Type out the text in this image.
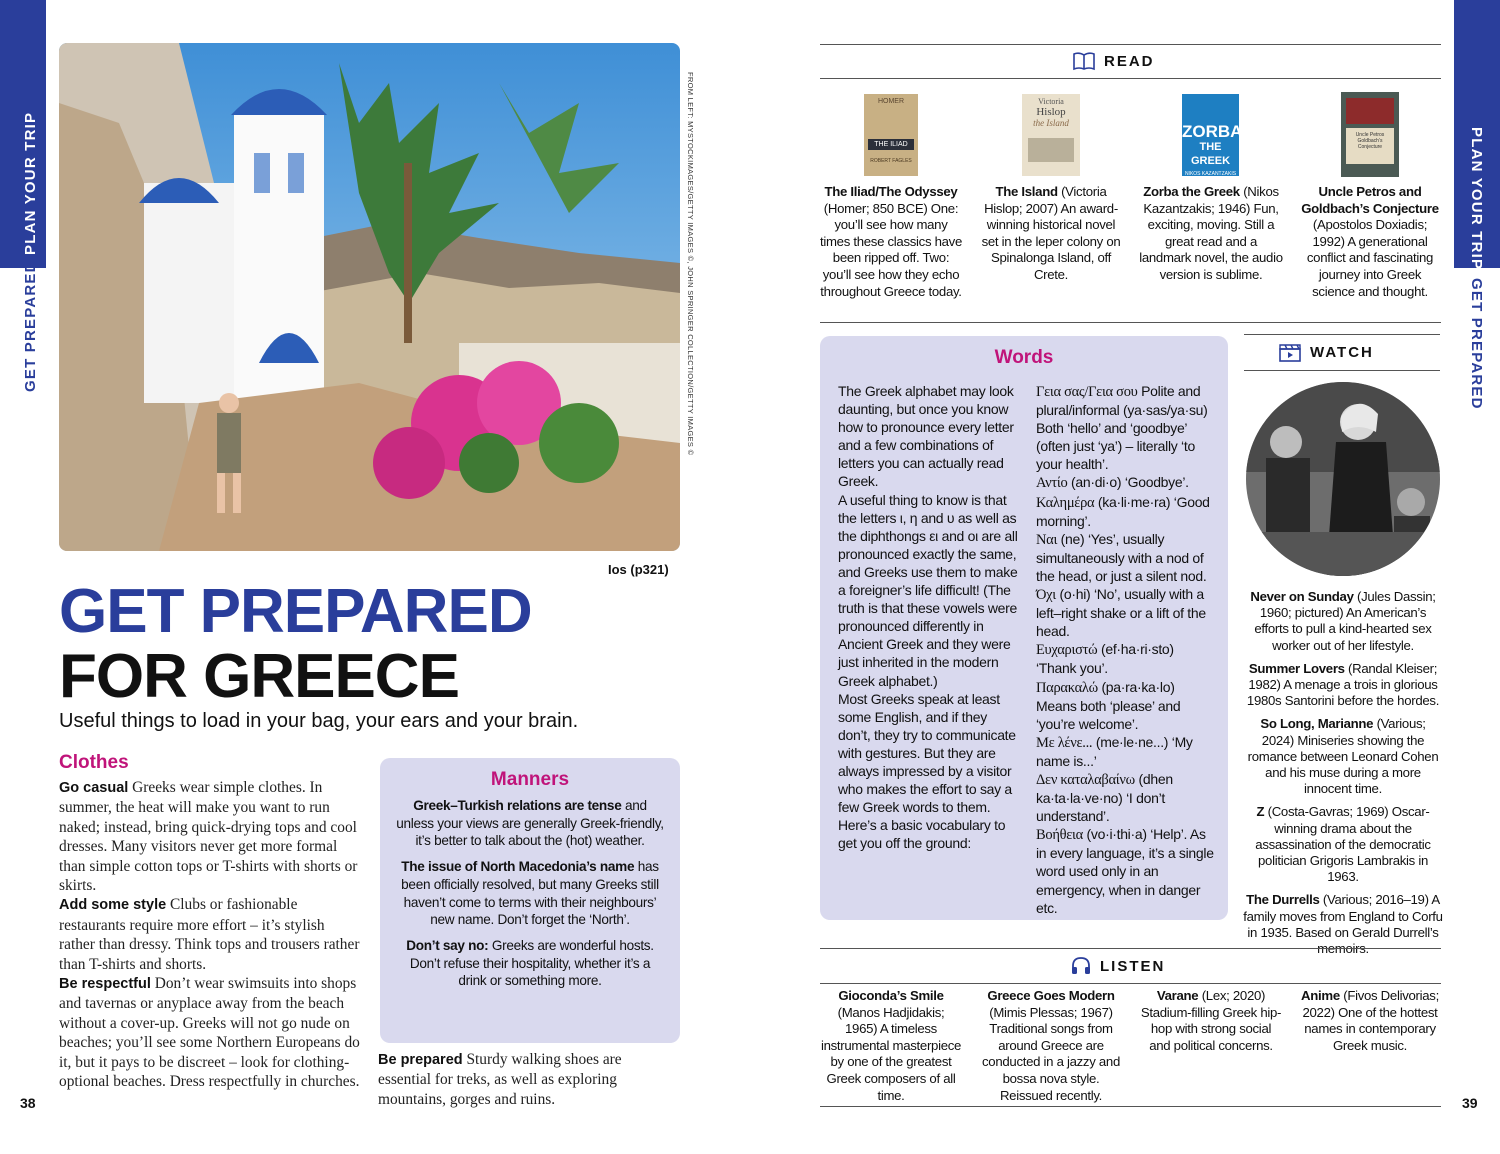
PLAN YOUR TRIP
GET PREPARED
38
PLAN YOUR TRIP
GET PREPARED
39
FROM LEFT: MYSTOCKIMAGES/GETTY IMAGES ©, JOHN SPRINGER COLLECTION/GETTY IMAGES ©
Ios (p321)
GET PREPARED
FOR GREECE
Useful things to load in your bag, your ears and your brain.
Clothes
Go casual Greeks wear simple clothes. In summer, the heat will make you want to run naked; instead, bring quick-drying tops and cool dresses. Many visitors never get more formal than simple cotton tops or T-shirts with shorts or skirts.
Add some style Clubs or fashionable restaurants require more effort – it’s stylish rather than dressy. Think tops and trousers rather than T-shirts and shorts.
Be respectful Don’t wear swimsuits into shops and tavernas or anyplace away from the beach without a cover-up. Greeks will not go nude on beaches; you’ll see some Northern Europeans do it, but it pays to be discreet – look for clothing-optional beaches. Dress respectfully in churches.
Manners
Greek–Turkish relations are tense and unless your views are generally Greek-friendly, it’s better to talk about the (hot) weather.
The issue of North Macedonia’s name has been officially resolved, but many Greeks still haven’t come to terms with their neighbours’ new name. Don’t forget the ‘North’.
Don’t say no: Greeks are wonderful hosts. Don’t refuse their hospitality, whether it’s a drink or something more.
Be prepared Sturdy walking shoes are essential for treks, as well as exploring mountains, gorges and ruins.
READ
HOMER
THE ILIAD
ROBERT FAGLES
Victoria
Hislop
the Island	ZORBA
THE GREEK
NIKOS KAZANTZAKIS
Uncle Petros
Goldbach’s Conjecture
The Iliad/The Odyssey (Homer; 850 BCE) One: you’ll see how many times these classics have been ripped off. Two: you’ll see how they echo throughout Greece today.
The Island (Victoria Hislop; 2007) An award-winning historical novel set in the leper colony on Spinalonga Island, off Crete.
Zorba the Greek (Nikos Kazantzakis; 1946) Fun, exciting, moving. Still a great read and a landmark novel, the audio version is sublime.
Uncle Petros and Goldbach’s Conjecture
(Apostolos Doxiadis; 1992) A generational conflict and fascinating journey into Greek science and thought.
Words

The Greek alphabet may look daunting, but once you know how to pronounce every letter and a few combinations of letters you can actually read Greek.

A useful thing to know is that the letters ι, η and υ as well as the diphthongs ει and οι are all pronounced exactly the same, and Greeks use them to make a foreigner’s life difficult! (The truth is that these vowels were pronounced differently in Ancient Greek and they were just inherited in the modern Greek alphabet.)

Most Greeks speak at least some English, and if they don’t, they try to communicate with gestures. But they are always impressed by a visitor who makes the effort to say a few Greek words to them.

Here’s a basic vocabulary to get you off the ground:

Γεια σας/Γεια σου Polite and plural/informal (ya·sas/ya·su) Both ‘hello’ and ‘goodbye’ (often just ‘ya’) – literally ‘to your health’.

Αντίο (an·di·o) ‘Goodbye’.

Καλημέρα (ka·li·me·ra) ‘Good morning’.

Ναι (ne) ‘Yes’, usually simultaneously with a nod of the head, or just a silent nod.

Όχι (o·hi) ‘No’, usually with a left–right shake or a lift of the head.

Ευχαριστώ (ef·ha·ri·sto) ‘Thank you’.

Παρακαλώ (pa·ra·ka·lo) Means both ‘please’ and ‘you’re welcome’.

Με λένε... (me·le·ne...) ‘My name is...’

Δεν καταλαβαίνω (dhen ka·ta·la·ve·no) ‘I don’t understand’.

Βοήθεια (vo·i·thi·a) ‘Help’. As in every language, it’s a single word used only in an emergency, when in danger etc.

WATCH

Never on Sunday (Jules Dassin; 1960; pictured) An American’s efforts to pull a kind-hearted sex worker out of her lifestyle.

Summer Lovers (Randal Kleiser; 1982) A menage a trois in glorious 1980s Santorini before the hordes.

So Long, Marianne (Various; 2024) Miniseries showing the romance between Leonard Cohen and his muse during a more innocent time.

Z (Costa-Gavras; 1969) Oscar-winning drama about the assassination of the democratic politician Grigoris Lambrakis in 1963.

The Durrells (Various; 2016–19) A family moves from England to Corfu in 1935. Based on Gerald Durrell’s memoirs.

LISTEN
Gioconda’s Smile (Manos Hadjidakis; 1965) A timeless instrumental masterpiece by one of the greatest Greek composers of all time.
Greece Goes Modern (Mimis Plessas; 1967) Traditional songs from around Greece are conducted in a jazzy and bossa nova style. Reissued recently.
Varane (Lex; 2020) Stadium-filling Greek hip-hop with strong social and political concerns.
Anime (Fivos Delivorias; 2022) One of the hottest names in contemporary Greek music.
